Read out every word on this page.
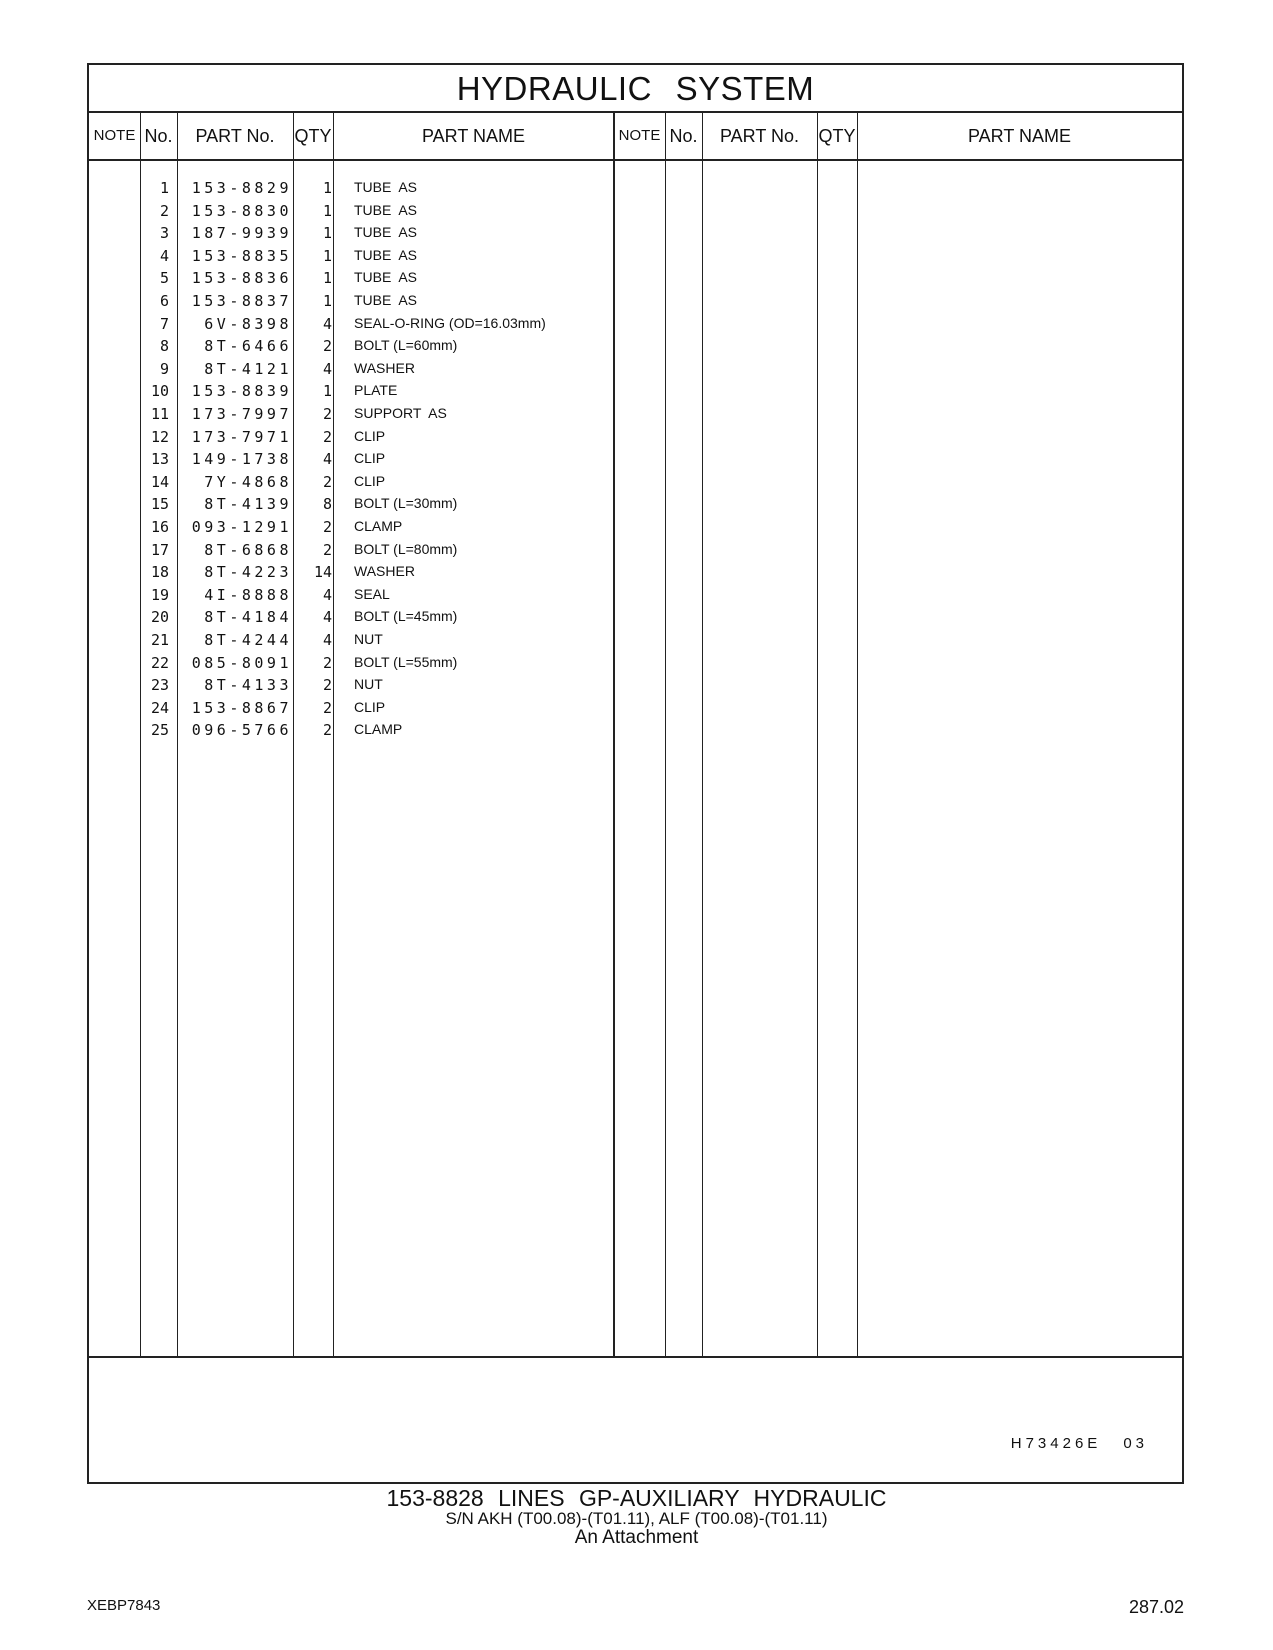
HYDRAULIC SYSTEM
NOTE No.	PART No.	QTY	PART NAME	NOTE No.	PART No.	QTY	PART NAME
1	153-8829	1 TUBE  AS
2	153-8830	1 TUBE  AS
3	187-9939	1 TUBE  AS
4	153-8835	1 TUBE  AS
5	153-8836	1 TUBE  AS
6	153-8837	1 TUBE  AS
7	6V-8398	4 SEAL-O-RING (OD=16.03mm)
8	8T-6466	2 BOLT (L=60mm)
9	8T-4121	4 WASHER
10	153-8839	1 PLATE
11	173-7997	2 SUPPORT  AS
12	173-7971	2 CLIP
13	149-1738	4 CLIP
14	7Y-4868	2 CLIP
15	8T-4139	8 BOLT (L=30mm)
16	093-1291	2 CLAMP
17	8T-6868	2 BOLT (L=80mm)
18	8T-4223	14 WASHER
19	4I-8888	4 SEAL
20	8T-4184	4 BOLT (L=45mm)
21	8T-4244	4 NUT
22	085-8091	2 BOLT (L=55mm)
23	8T-4133	2 NUT
24	153-8867	2 CLIP
25	096-5766	2 CLAMP
H73426E 03
153-8828 LINES GP-AUXILIARY HYDRAULIC
S/N AKH (T00.08)-(T01.11), ALF (T00.08)-(T01.11)
An Attachment
XEBP7843	287.02
